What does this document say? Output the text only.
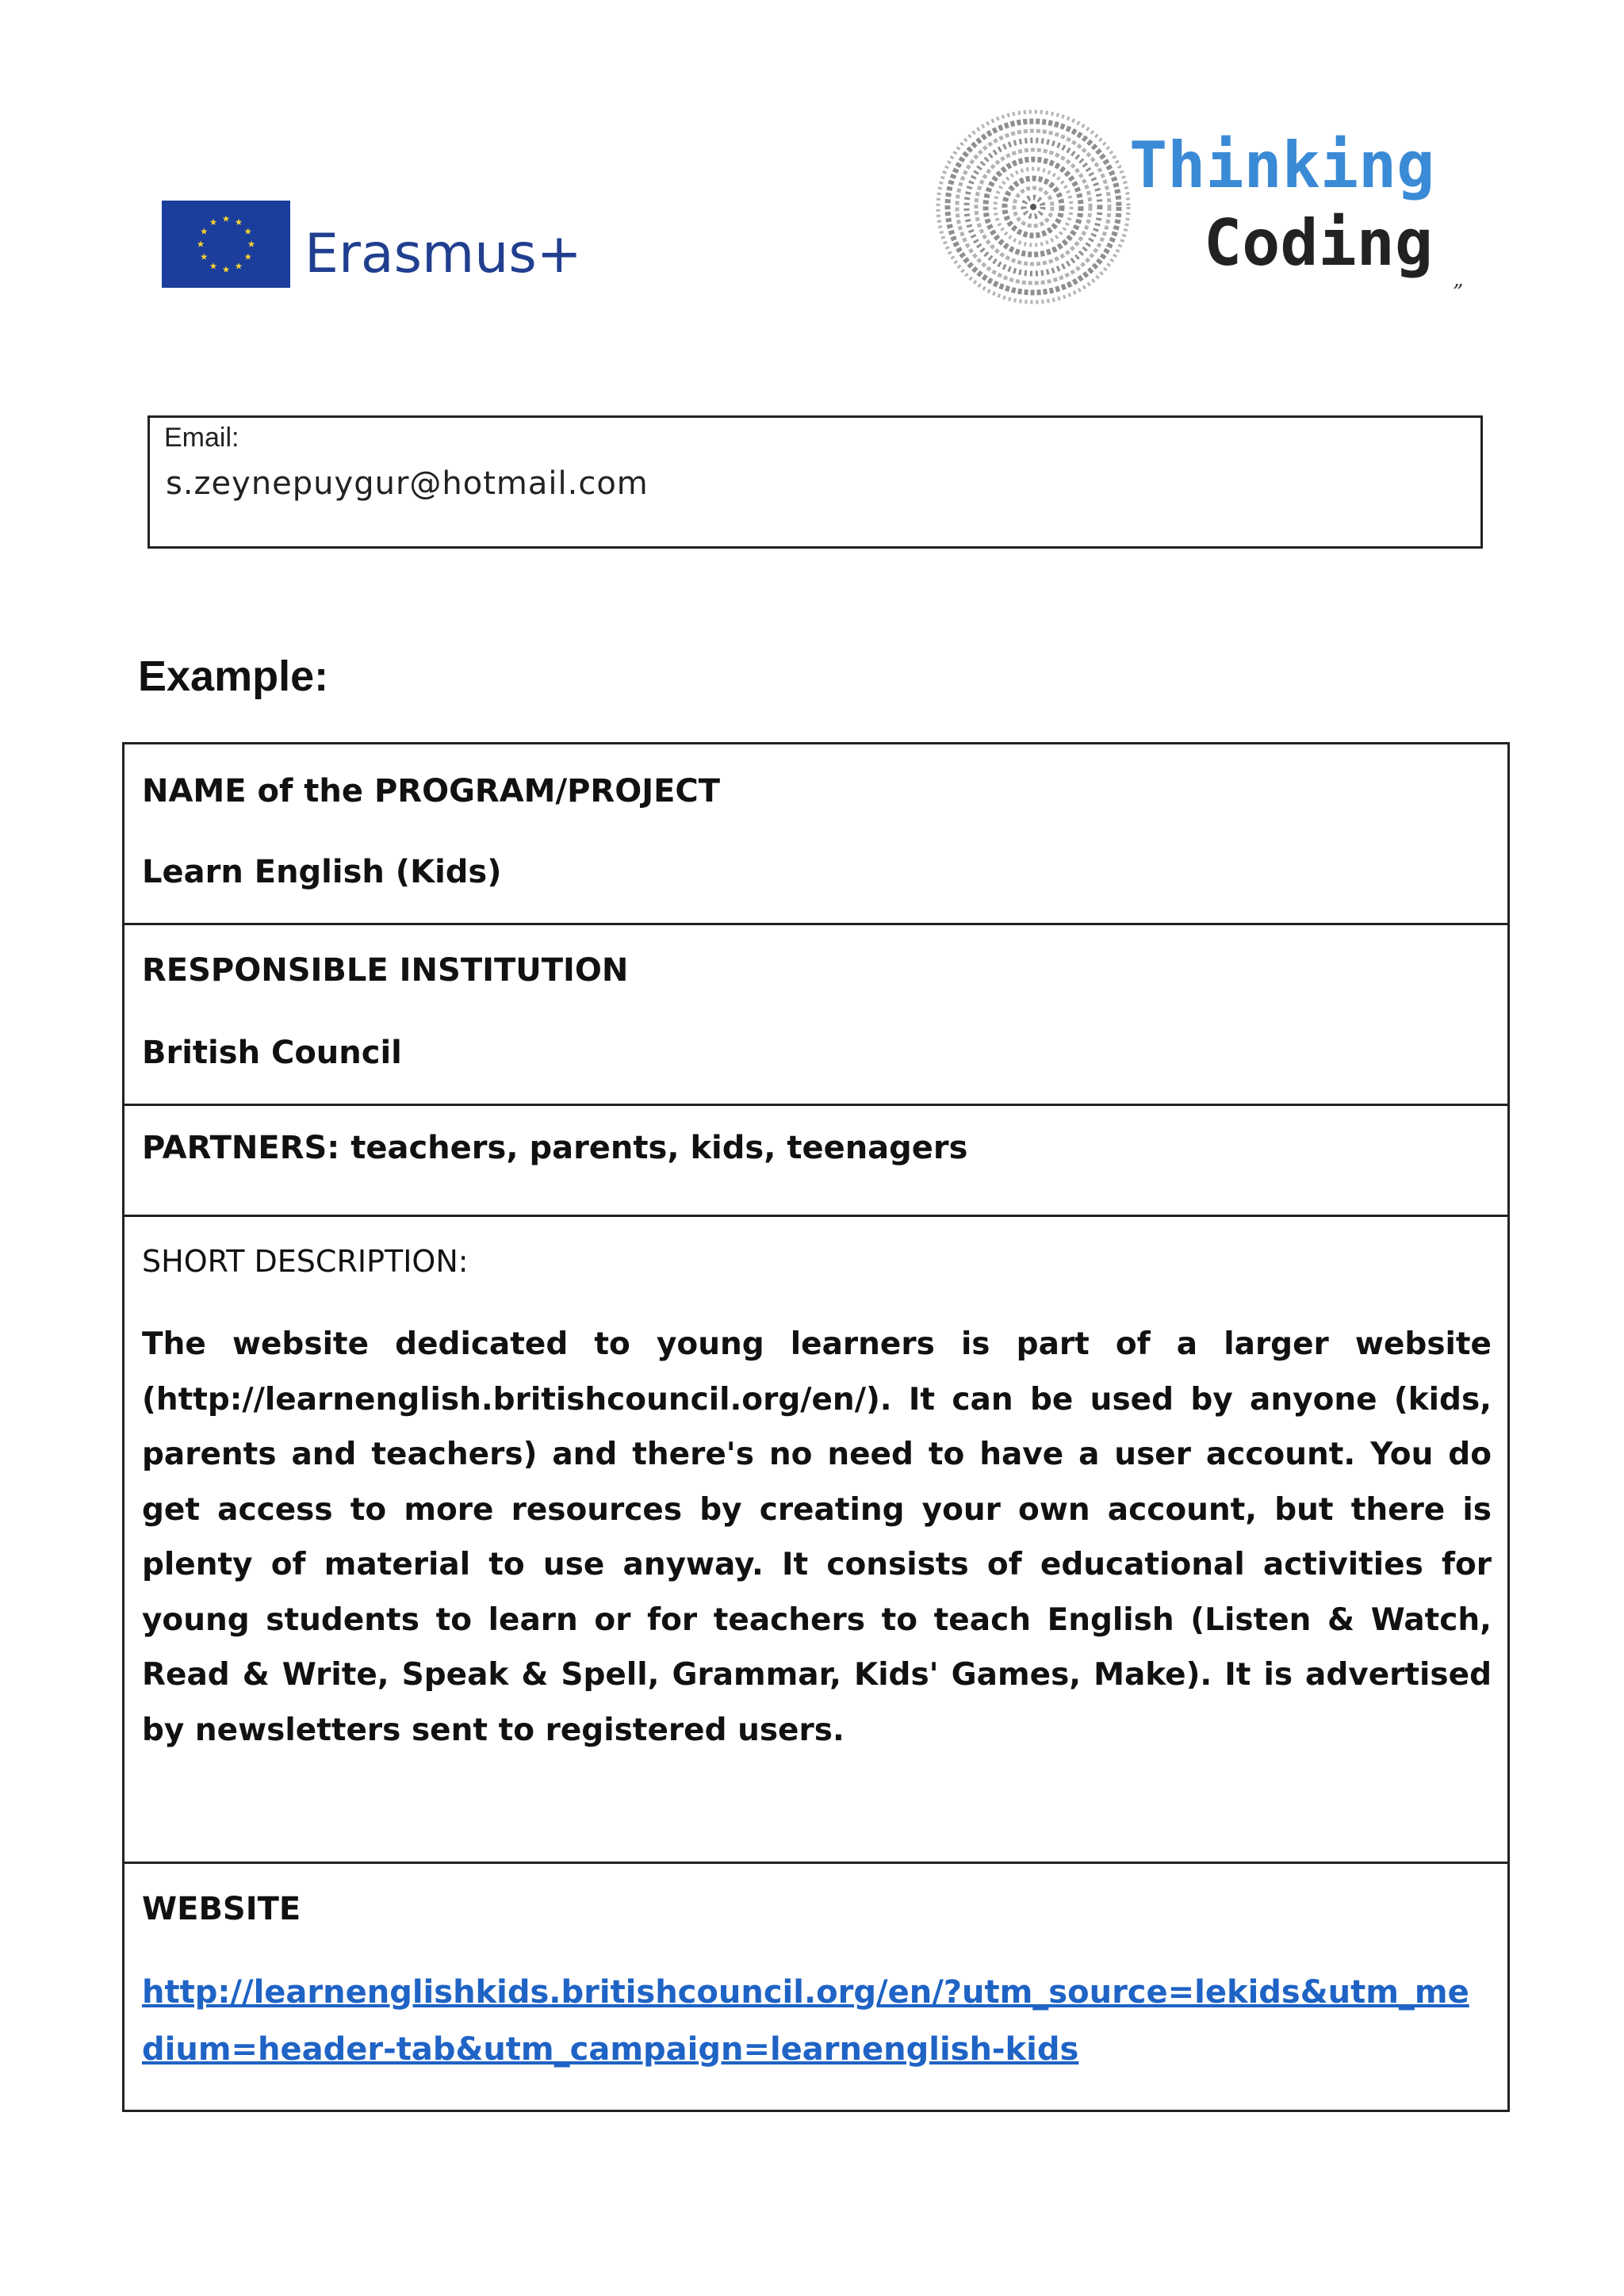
Erasmus+
Thinking
Coding
”
Email:
s.zeynepuygur@hotmail.com
Example:
NAME of the PROGRAM/PROJECT
Learn English (Kids)
RESPONSIBLE INSTITUTION
British Council
PARTNERS: teachers, parents, kids, teenagers
SHORT DESCRIPTION:
The website dedicated to young learners is part of a larger website (http://learnenglish.britishcouncil.org/en/). It can be used by anyone (kids, parents and teachers) and there's no need to have a user account. You do get access to more resources by creating your own account, but there is plenty of material to use anyway. It consists of educational activities for young students to learn or for teachers to teach English (Listen & Watch, Read & Write, Speak & Spell, Grammar, Kids' Games, Make). It is advertised by newsletters sent to registered users.
WEBSITE
http://learnenglishkids.britishcouncil.org/en/?utm_source=lekids&utm_medium=header-tab&utm_campaign=learnenglish-kids
